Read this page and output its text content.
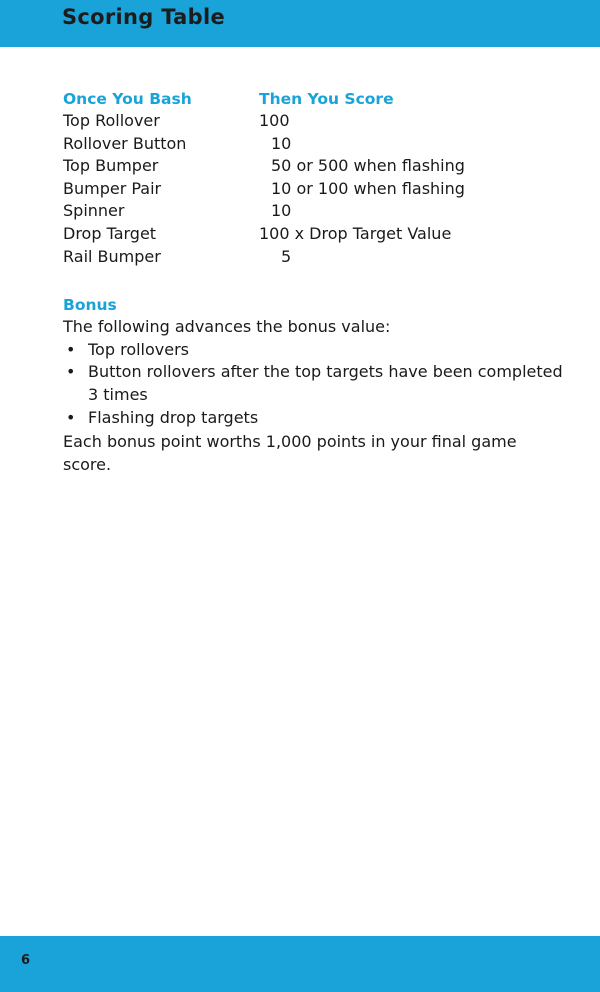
Scoring Table
Once You Bash	Then You Score
Top Rollover	100
Rollover Button	10
Top Bumper	50 or 500 when flashing
Bumper Pair	10 or 100 when flashing
Spinner	10
Drop Target	100 x Drop Target Value
Rail Bumper	5
Bonus
The following advances the bonus value:
• Top rollovers
• Button rollovers after the top targets have been completed 3 times
• Flashing drop targets
Each bonus point worths 1,000 points in your final game score.
6
